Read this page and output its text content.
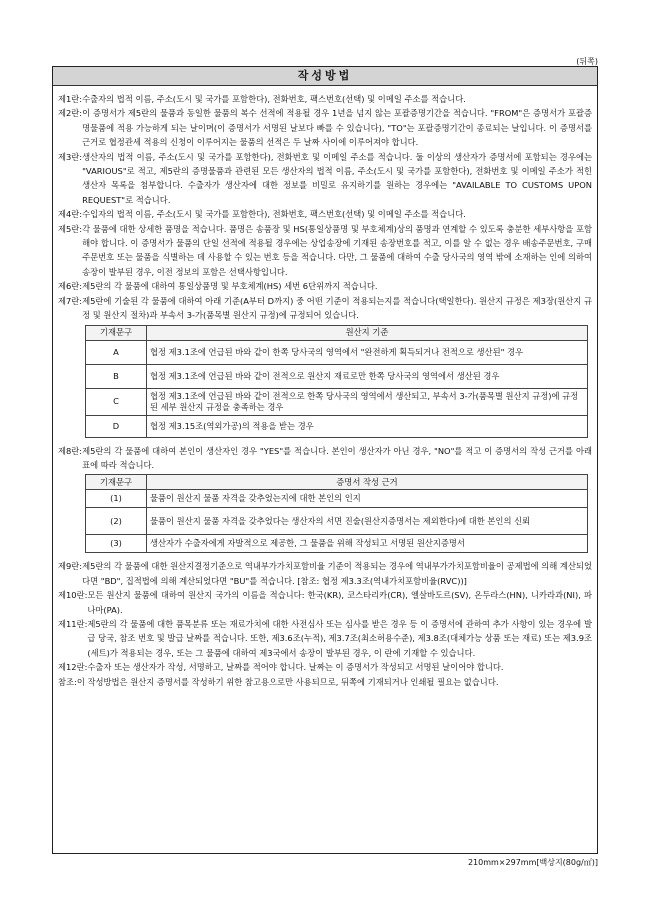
(뒤쪽)
작성방법
제1란: 수출자의 법적 이름, 주소(도시 및 국가를 포함한다), 전화번호, 팩스번호(선택) 및 이메일 주소를 적습니다.
제2란: 이 증명서가 제5란의 물품과 동일한 물품의 복수 선적에 적용될 경우 1년을 넘지 않는 포괄증명기간을 적습니다. "FROM"은 증명서가 포괄증명물품에 적용 가능하게 되는 날이며(이 증명서가 서명된 날보다 빠를 수 있습니다), "TO"는 포괄증명기간이 종료되는 날입니다. 이 증명서를 근거로 협정관세 적용의 신청이 이루어지는 물품의 선적은 두 날짜 사이에 이루어져야 합니다.
제3란: 생산자의 법적 이름, 주소(도시 및 국가를 포함한다), 전화번호 및 이메일 주소를 적습니다. 둘 이상의 생산자가 증명서에 포함되는 경우에는 "VARIOUS"로 적고, 제5란의 증명물품과 관련된 모든 생산자의 법적 이름, 주소(도시 및 국가를 포함한다), 전화번호 및 이메일 주소가 적힌 생산자 목록을 첨부합니다. 수출자가 생산자에 대한 정보를 비밀로 유지하기를 원하는 경우에는 "AVAILABLE TO CUSTOMS UPON REQUEST"로 적습니다.
제4란: 수입자의 법적 이름, 주소(도시 및 국가를 포함한다), 전화번호, 팩스번호(선택) 및 이메일 주소를 적습니다.
제5란: 각 물품에 대한 상세한 품명을 적습니다. 품명은 송품장 및 HS(통일상품명 및 부호체계)상의 품명과 연계할 수 있도록 충분한 세부사항을 포함해야 합니다. 이 증명서가 물품의 단일 선적에 적용될 경우에는 상업송장에 기재된 송장번호를 적고, 이를 알 수 없는 경우 배송주문번호, 구매주문번호 또는 물품을 식별하는 데 사용할 수 있는 번호 등을 적습니다. 다만, 그 물품에 대하여 수출 당사국의 영역 밖에 소재하는 인에 의하여 송장이 발부된 경우, 이전 정보의 포함은 선택사항입니다.
제6란: 제5란의 각 물품에 대하여 통일상품명 및 부호체계(HS) 세번 6단위까지 적습니다.
제7란: 제5란에 기술된 각 물품에 대하여 아래 기준(A부터 D까지) 중 어떤 기준이 적용되는지를 적습니다(택일한다). 원산지 규정은 제3장(원산지 규정 및 원산지 절차)과 부속서 3-가(품목별 원산지 규정)에 규정되어 있습니다.
기재문구	원산지 기준
A	협정 제3.1조에 언급된 바와 같이 한쪽 당사국의 영역에서 "완전하게 획득되거나 전적으로 생산된" 경우
B	협정 제3.1조에 언급된 바와 같이 전적으로 원산지 재료로만 한쪽 당사국의 영역에서 생산된 경우
C	협정 제3.1조에 언급된 바와 같이 전적으로 한쪽 당사국의 영역에서 생산되고, 부속서 3-가(품목별 원산지 규정)에 규정된 세부 원산지 규정을 충족하는 경우
D	협정 제3.15조(역외가공)의 적용을 받는 경우
제8란: 제5란의 각 물품에 대하여 본인이 생산자인 경우 "YES"를 적습니다. 본인이 생산자가 아닌 경우, "NO"를 적고 이 증명서의 작성 근거를 아래 표에 따라 적습니다.
기재문구	증명서 작성 근거
(1)	물품이 원산지 물품 자격을 갖추었는지에 대한 본인의 인지
(2)	물품이 원산지 물품 자격을 갖추었다는 생산자의 서면 진술(원산지증명서는 제외한다)에 대한 본인의 신뢰
(3)	생산자가 수출자에게 자발적으로 제공한, 그 물품을 위해 작성되고 서명된 원산지증명서
제9란: 제5란의 각 물품에 대한 원산지결정기준으로 역내부가가치포함비율 기준이 적용되는 경우에 역내부가가치포함비율이 공제법에 의해 계산되었다면 "BD", 집적법에 의해 계산되었다면 "BU"를 적습니다. [참조: 협정 제3.3조(역내가치포함비율(RVC))]
제10란: 모든 원산지 물품에 대하여 원산지 국가의 이름을 적습니다: 한국(KR), 코스타리카(CR), 엘살바도르(SV), 온두라스(HN), 니카라과(NI), 파나마(PA).
제11란: 제5란의 각 물품에 대한 품목분류 또는 재료가치에 대한 사전심사 또는 심사를 받은 경우 등 이 증명서에 관하여 추가 사항이 있는 경우에 발급 당국, 참조 번호 및 발급 날짜를 적습니다. 또한, 제3.6조(누적), 제3.7조(최소허용수준), 제3.8조(대체가능 상품 또는 재료) 또는 제3.9조(세트)가 적용되는 경우, 또는 그 물품에 대하여 제3국에서 송장이 발부된 경우, 이 란에 기재할 수 있습니다.
제12란: 수출자 또는 생산자가 작성, 서명하고, 날짜를 적어야 합니다. 날짜는 이 증명서가 작성되고 서명된 날이어야 합니다.
참조: 이 작성방법은 원산지 증명서를 작성하기 위한 참고용으로만 사용되므로, 뒤쪽에 기재되거나 인쇄될 필요는 없습니다.
210mm×297mm[백상지(80g/㎡)]
